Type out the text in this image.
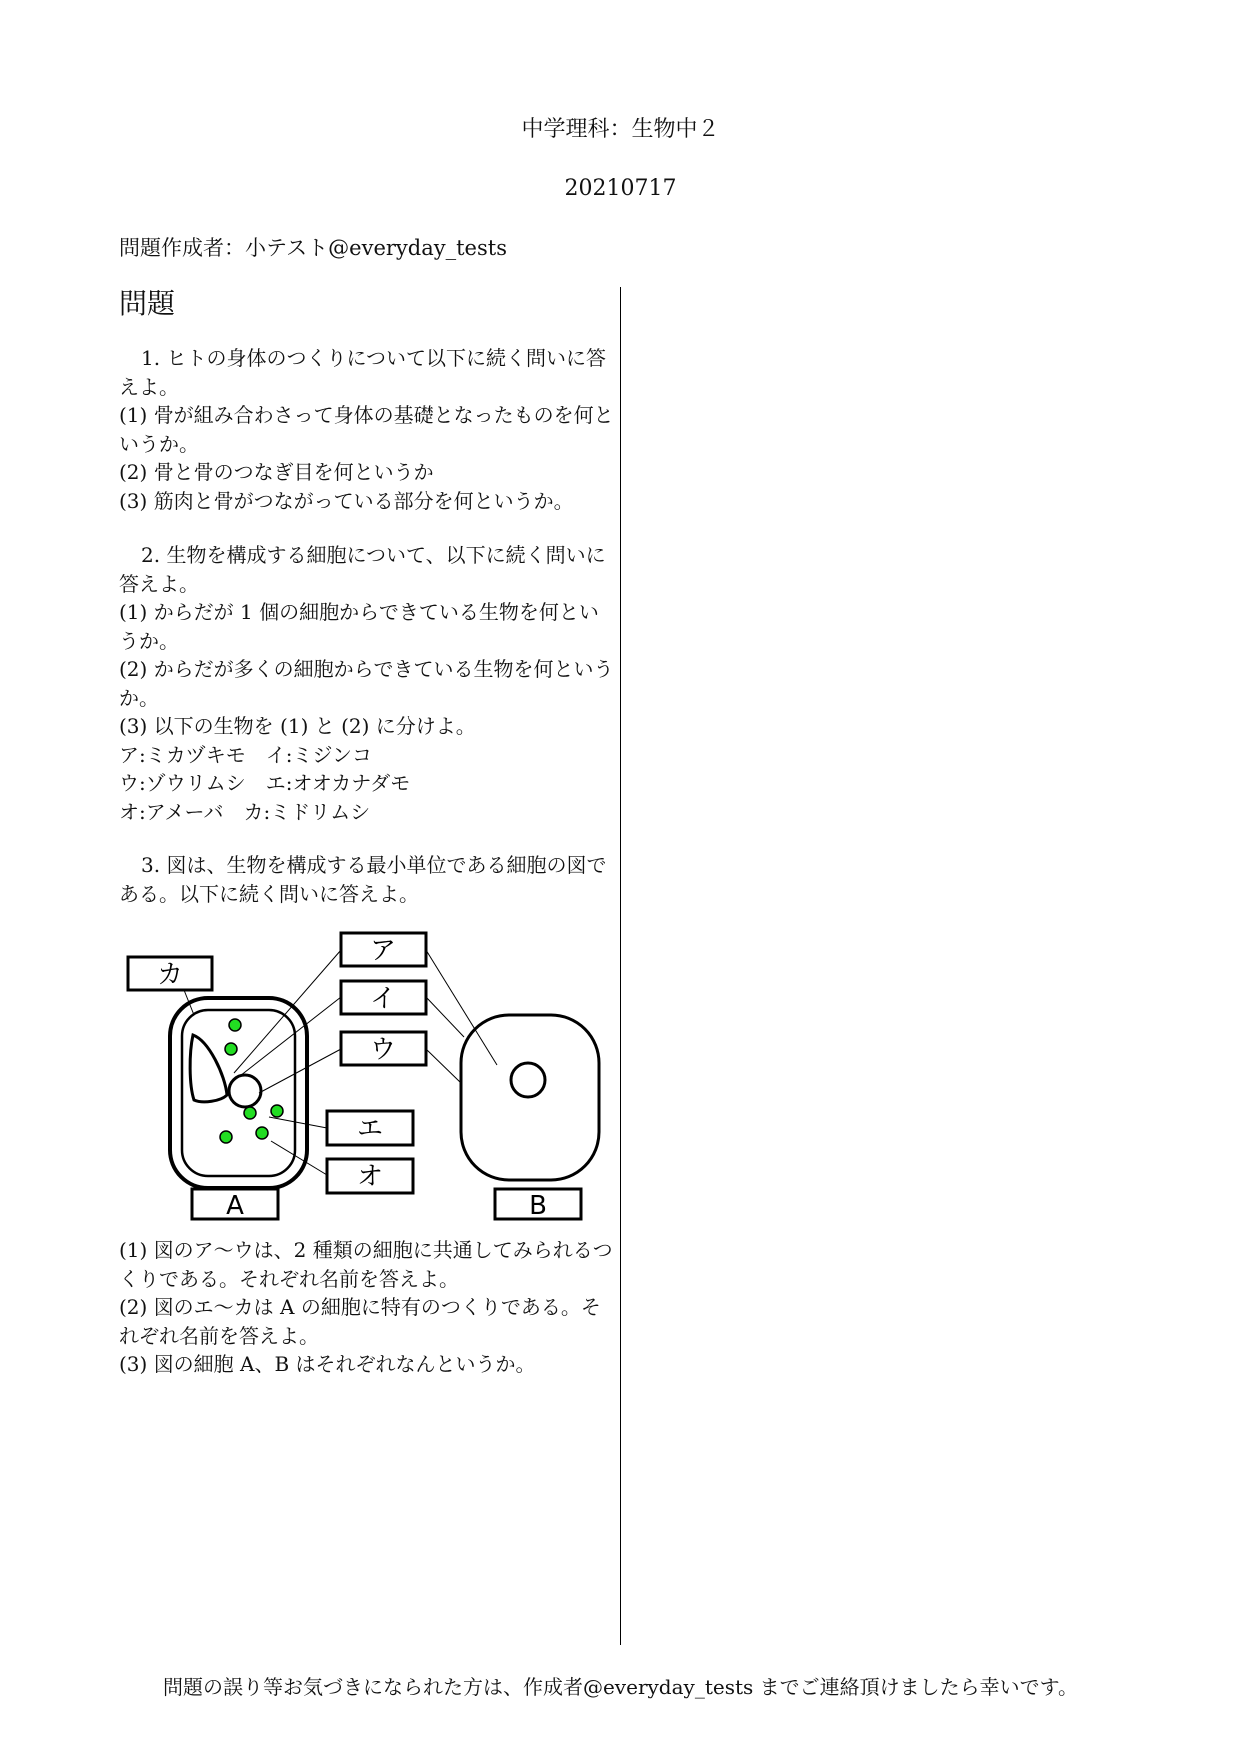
中学理科：生物中２
20210717
問題作成者：小テスト@everyday_tests
問題

1. ヒトの身体のつくりについて以下に続く問いに答えよ。

(1) 骨が組み合わさって身体の基礎となったものを何というか。

(2) 骨と骨のつなぎ目を何というか

(3) 筋肉と骨がつながっている部分を何というか。

2. 生物を構成する細胞について、以下に続く問いに答えよ。

(1) からだが 1 個の細胞からできている生物を何というか。

(2) からだが多くの細胞からできている生物を何というか。

(3) 以下の生物を (1) と (2) に分けよ。

ア:ミカヅキモ　イ:ミジンコ

ウ:ゾウリムシ　エ:オオカナダモ

オ:アメーバ　カ:ミドリムシ

3. 図は、生物を構成する最小単位である細胞の図である。以下に続く問いに答えよ。

カ
ア
イ
ウ
エ
オ
A	B

(1) 図のア〜ウは、2 種類の細胞に共通してみられるつくりである。それぞれ名前を答えよ。

(2) 図のエ〜カは A の細胞に特有のつくりである。それぞれ名前を答えよ。

(3) 図の細胞 A、B はそれぞれなんというか。

問題の誤り等お気づきになられた方は、作成者@everyday_tests までご連絡頂けましたら幸いです。
